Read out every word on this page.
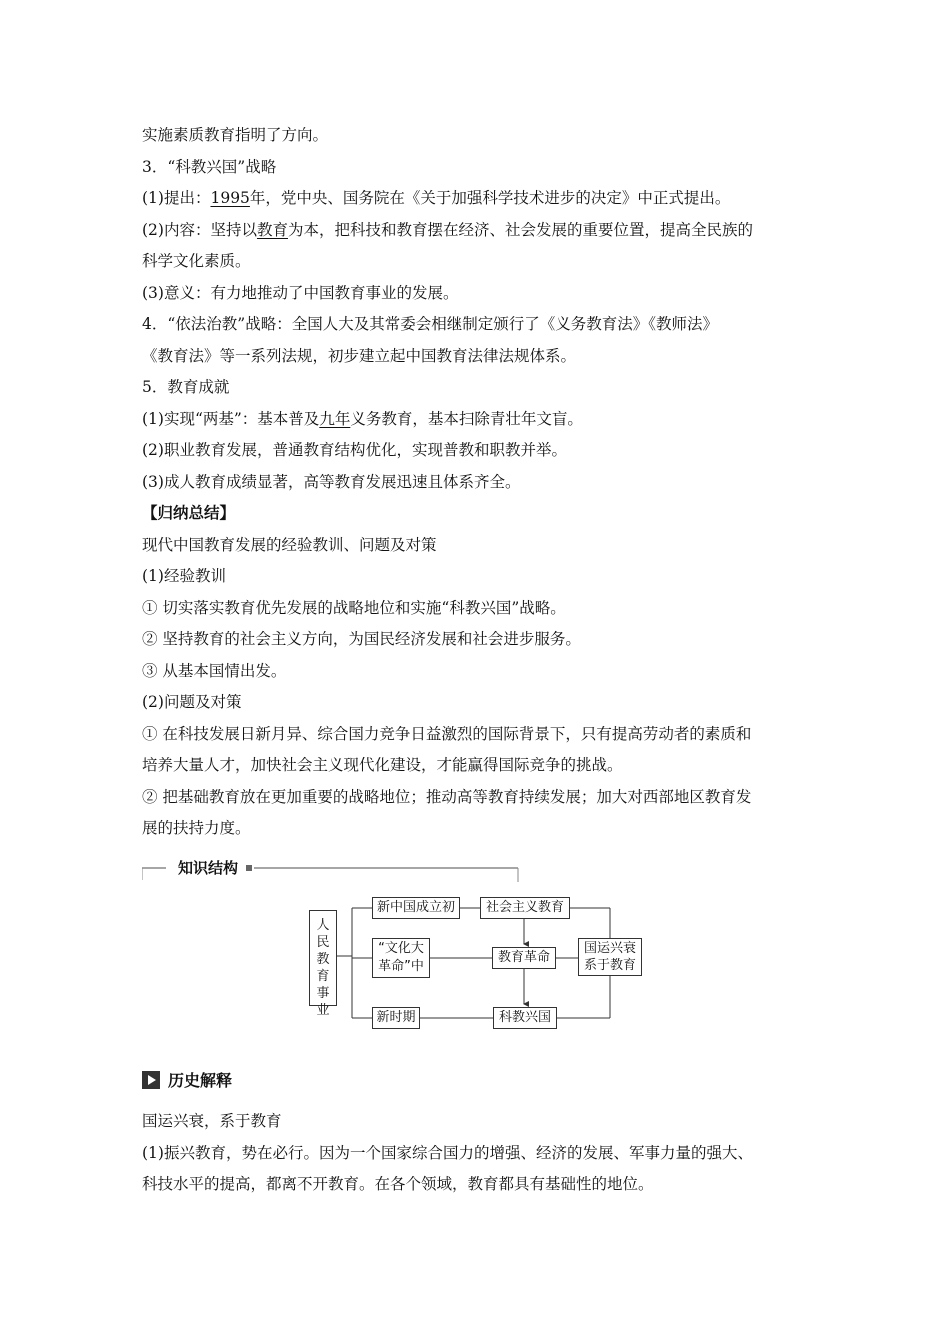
实施素质教育指明了方向。
3．“科教兴国”战略
(1)提出：1995年，党中央、国务院在《关于加强科学技术进步的决定》中正式提出。
(2)内容：坚持以教育为本，把科技和教育摆在经济、社会发展的重要位置，提高全民族的
科学文化素质。
(3)意义：有力地推动了中国教育事业的发展。
4．“依法治教”战略：全国人大及其常委会相继制定颁行了《义务教育法》《教师法》
《教育法》等一系列法规，初步建立起中国教育法律法规体系。
5．教育成就
(1)实现“两基”：基本普及九年义务教育，基本扫除青壮年文盲。
(2)职业教育发展，普通教育结构优化，实现普教和职教并举。
(3)成人教育成绩显著，高等教育发展迅速且体系齐全。
【归纳总结】
现代中国教育发展的经验教训、问题及对策
(1)经验教训
① 切实落实教育优先发展的战略地位和实施“科教兴国”战略。
② 坚持教育的社会主义方向，为国民经济发展和社会进步服务。
③ 从基本国情出发。
(2)问题及对策
① 在科技发展日新月异、综合国力竞争日益激烈的国际背景下，只有提高劳动者的素质和
培养大量人才，加快社会主义现代化建设，才能赢得国际竞争的挑战。
② 把基础教育放在更加重要的战略地位；推动高等教育持续发展；加大对西部地区教育发
展的扶持力度。
知识结构
人民教育事业
新中国成立初	社会主义教育
“文化大革命”中
教育革命
新时期	科教兴国
国运兴衰系于教育
历史解释
国运兴衰，系于教育
(1)振兴教育，势在必行。因为一个国家综合国力的增强、经济的发展、军事力量的强大、
科技水平的提高，都离不开教育。在各个领域，教育都具有基础性的地位。
